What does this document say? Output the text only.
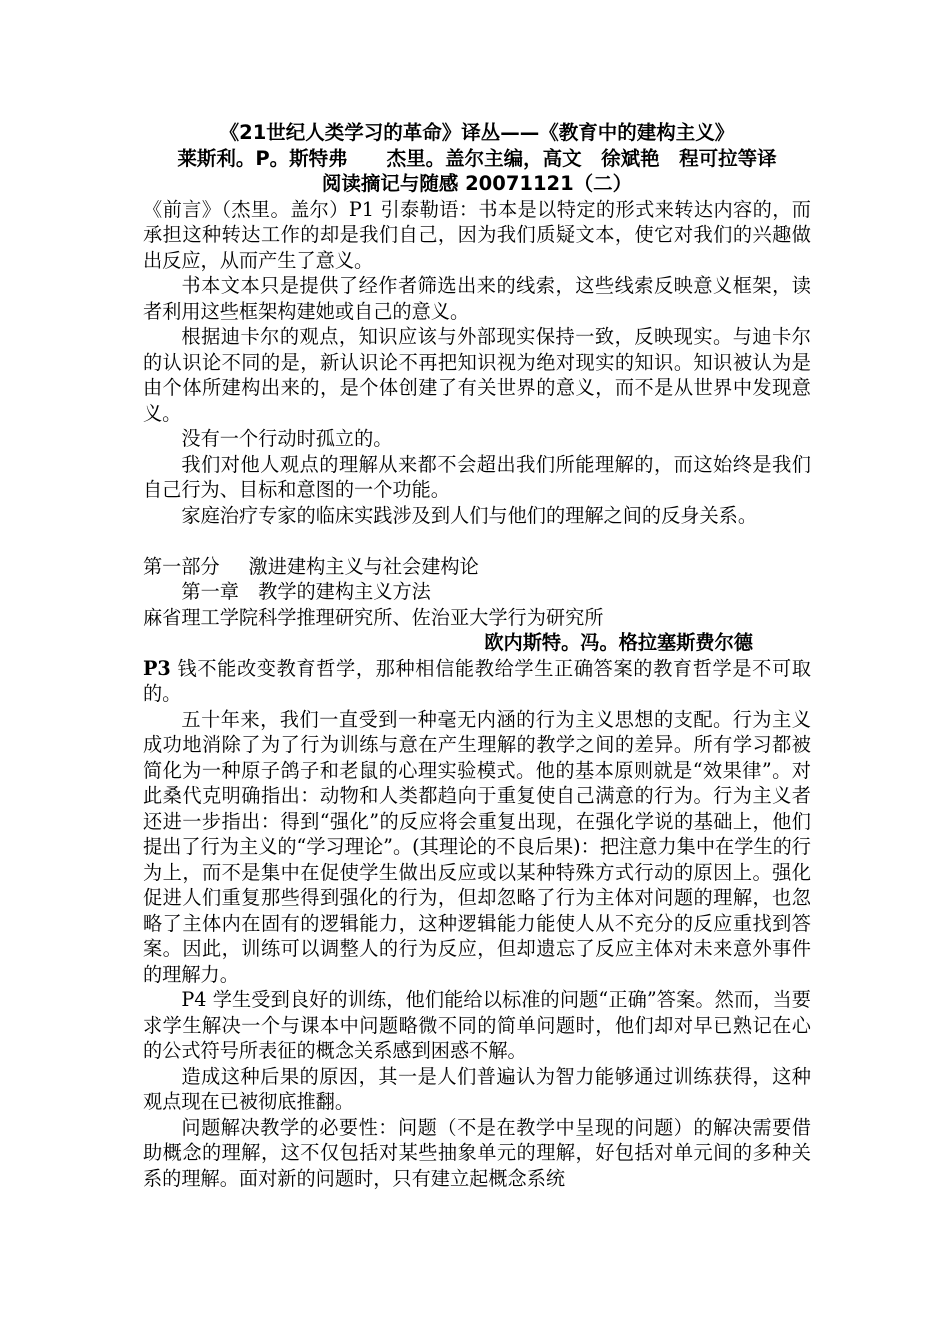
《21世纪人类学习的革命》译丛——《教育中的建构主义》

莱斯利。P。斯特弗　　杰里。盖尔主编，高文　徐斌艳　程可拉等译

阅读摘记与随感 20071121（二）

《前言》（杰里。盖尔）P1 引泰勒语：书本是以特定的形式来转达内容的，而承担这种转达工作的却是我们自己，因为我们质疑文本，使它对我们的兴趣做出反应，从而产生了意义。

书本文本只是提供了经作者筛选出来的线索，这些线索反映意义框架，读者利用这些框架构建她或自己的意义。

根据迪卡尔的观点，知识应该与外部现实保持一致，反映现实。与迪卡尔的认识论不同的是，新认识论不再把知识视为绝对现实的知识。知识被认为是由个体所建构出来的，是个体创建了有关世界的意义，而不是从世界中发现意义。

没有一个行动时孤立的。

我们对他人观点的理解从来都不会超出我们所能理解的，而这始终是我们自己行为、目标和意图的一个功能。

家庭治疗专家的临床实践涉及到人们与他们的理解之间的反身关系。

第一部分 激进建构主义与社会建构论

第一章 教学的建构主义方法

麻省理工学院科学推理研究所、佐治亚大学行为研究所

欧内斯特。冯。格拉塞斯费尔德

P3 钱不能改变教育哲学，那种相信能教给学生正确答案的教育哲学是不可取的。

五十年来，我们一直受到一种毫无内涵的行为主义思想的支配。行为主义成功地消除了为了行为训练与意在产生理解的教学之间的差异。所有学习都被简化为一种原子鸽子和老鼠的心理实验模式。他的基本原则就是“效果律”。对此桑代克明确指出：动物和人类都趋向于重复使自己满意的行为。行为主义者还进一步指出：得到“强化”的反应将会重复出现，在强化学说的基础上，他们提出了行为主义的“学习理论”。(其理论的不良后果)：把注意力集中在学生的行为上，而不是集中在促使学生做出反应或以某种特殊方式行动的原因上。强化促进人们重复那些得到强化的行为，但却忽略了行为主体对问题的理解，也忽略了主体内在固有的逻辑能力，这种逻辑能力能使人从不充分的反应重找到答案。因此，训练可以调整人的行为反应，但却遗忘了反应主体对未来意外事件的理解力。

P4 学生受到良好的训练，他们能给以标准的问题“正确”答案。然而，当要求学生解决一个与课本中问题略微不同的简单问题时，他们却对早已熟记在心的公式符号所表征的概念关系感到困惑不解。

造成这种后果的原因，其一是人们普遍认为智力能够通过训练获得，这种观点现在已被彻底推翻。

问题解决教学的必要性：问题（不是在教学中呈现的问题）的解决需要借助概念的理解，这不仅包括对某些抽象单元的理解，好包括对单元间的多种关系的理解。面对新的问题时，只有建立起概念系统
